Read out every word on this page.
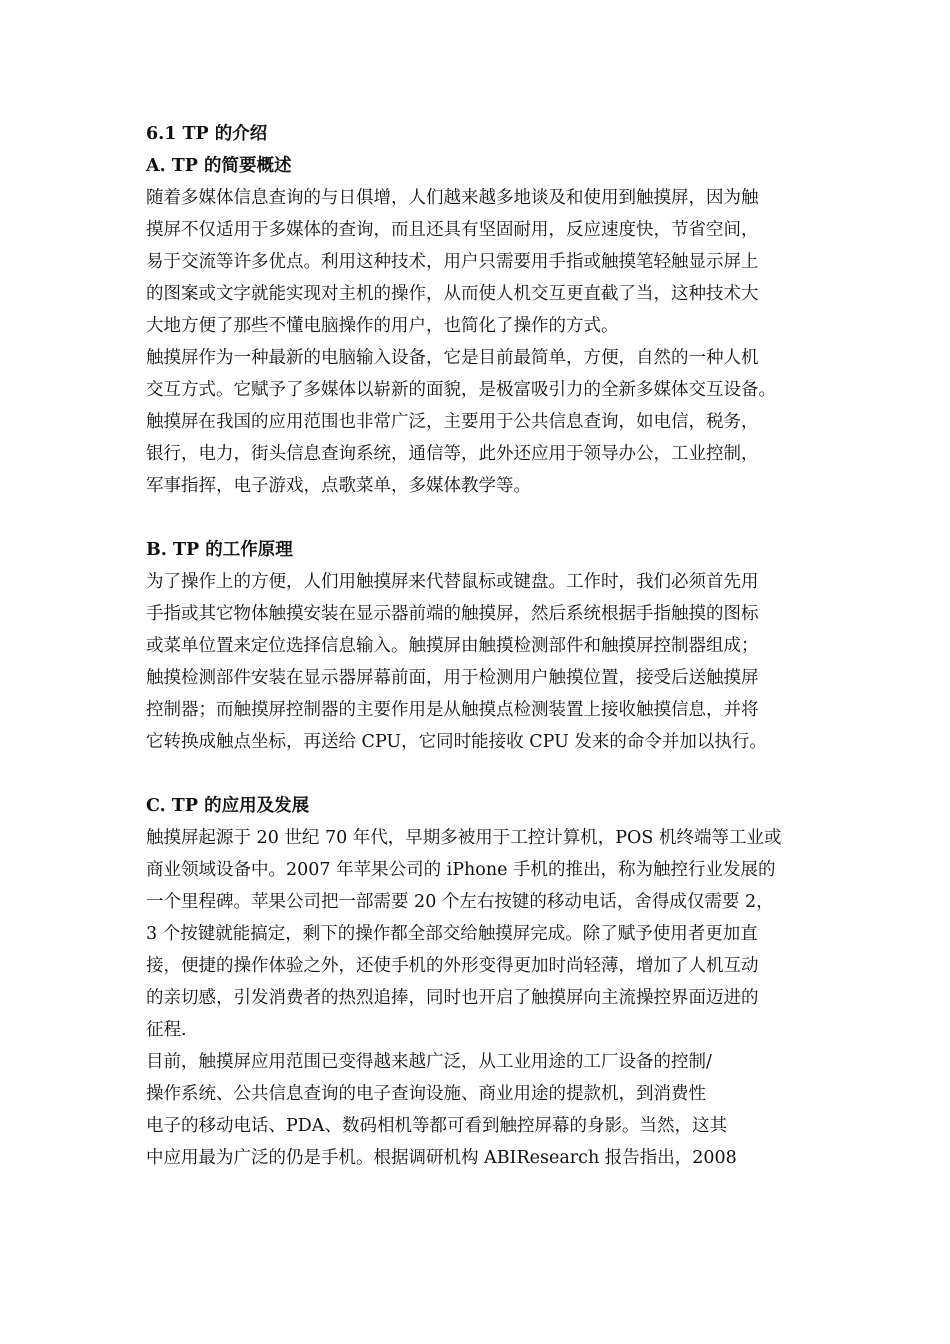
6.1 TP 的介绍
A. TP 的简要概述
随着多媒体信息查询的与日俱增，人们越来越多地谈及和使用到触摸屏，因为触
摸屏不仅适用于多媒体的查询，而且还具有坚固耐用，反应速度快，节省空间，
易于交流等许多优点。利用这种技术，用户只需要用手指或触摸笔轻触显示屏上
的图案或文字就能实现对主机的操作，从而使人机交互更直截了当，这种技术大
大地方便了那些不懂电脑操作的用户，也简化了操作的方式。
触摸屏作为一种最新的电脑输入设备，它是目前最简单，方便，自然的一种人机
交互方式。它赋予了多媒体以崭新的面貌，是极富吸引力的全新多媒体交互设备。
触摸屏在我国的应用范围也非常广泛，主要用于公共信息查询，如电信，税务，
银行，电力，街头信息查询系统，通信等，此外还应用于领导办公，工业控制，
军事指挥，电子游戏，点歌菜单，多媒体教学等。
B. TP 的工作原理
为了操作上的方便，人们用触摸屏来代替鼠标或键盘。工作时，我们必须首先用
手指或其它物体触摸安装在显示器前端的触摸屏，然后系统根据手指触摸的图标
或菜单位置来定位选择信息输入。触摸屏由触摸检测部件和触摸屏控制器组成；
触摸检测部件安装在显示器屏幕前面，用于检测用户触摸位置，接受后送触摸屏
控制器；而触摸屏控制器的主要作用是从触摸点检测装置上接收触摸信息，并将
它转换成触点坐标，再送给 CPU，它同时能接收 CPU 发来的命令并加以执行。
C. TP 的应用及发展
触摸屏起源于 20 世纪 70 年代，早期多被用于工控计算机，POS 机终端等工业或
商业领域设备中。2007 年苹果公司的 iPhone 手机的推出，称为触控行业发展的
一个里程碑。苹果公司把一部需要 20 个左右按键的移动电话，舍得成仅需要 2，
3 个按键就能搞定，剩下的操作都全部交给触摸屏完成。除了赋予使用者更加直
接，便捷的操作体验之外，还使手机的外形变得更加时尚轻薄，增加了人机互动
的亲切感，引发消费者的热烈追捧，同时也开启了触摸屏向主流操控界面迈进的
征程.
目前，触摸屏应用范围已变得越来越广泛，从工业用途的工厂设备的控制/
操作系统、公共信息查询的电子查询设施、商业用途的提款机，到消费性
电子的移动电话、PDA、数码相机等都可看到触控屏幕的身影。当然，这其
中应用最为广泛的仍是手机。根据调研机构 ABIResearch 报告指出，2008
